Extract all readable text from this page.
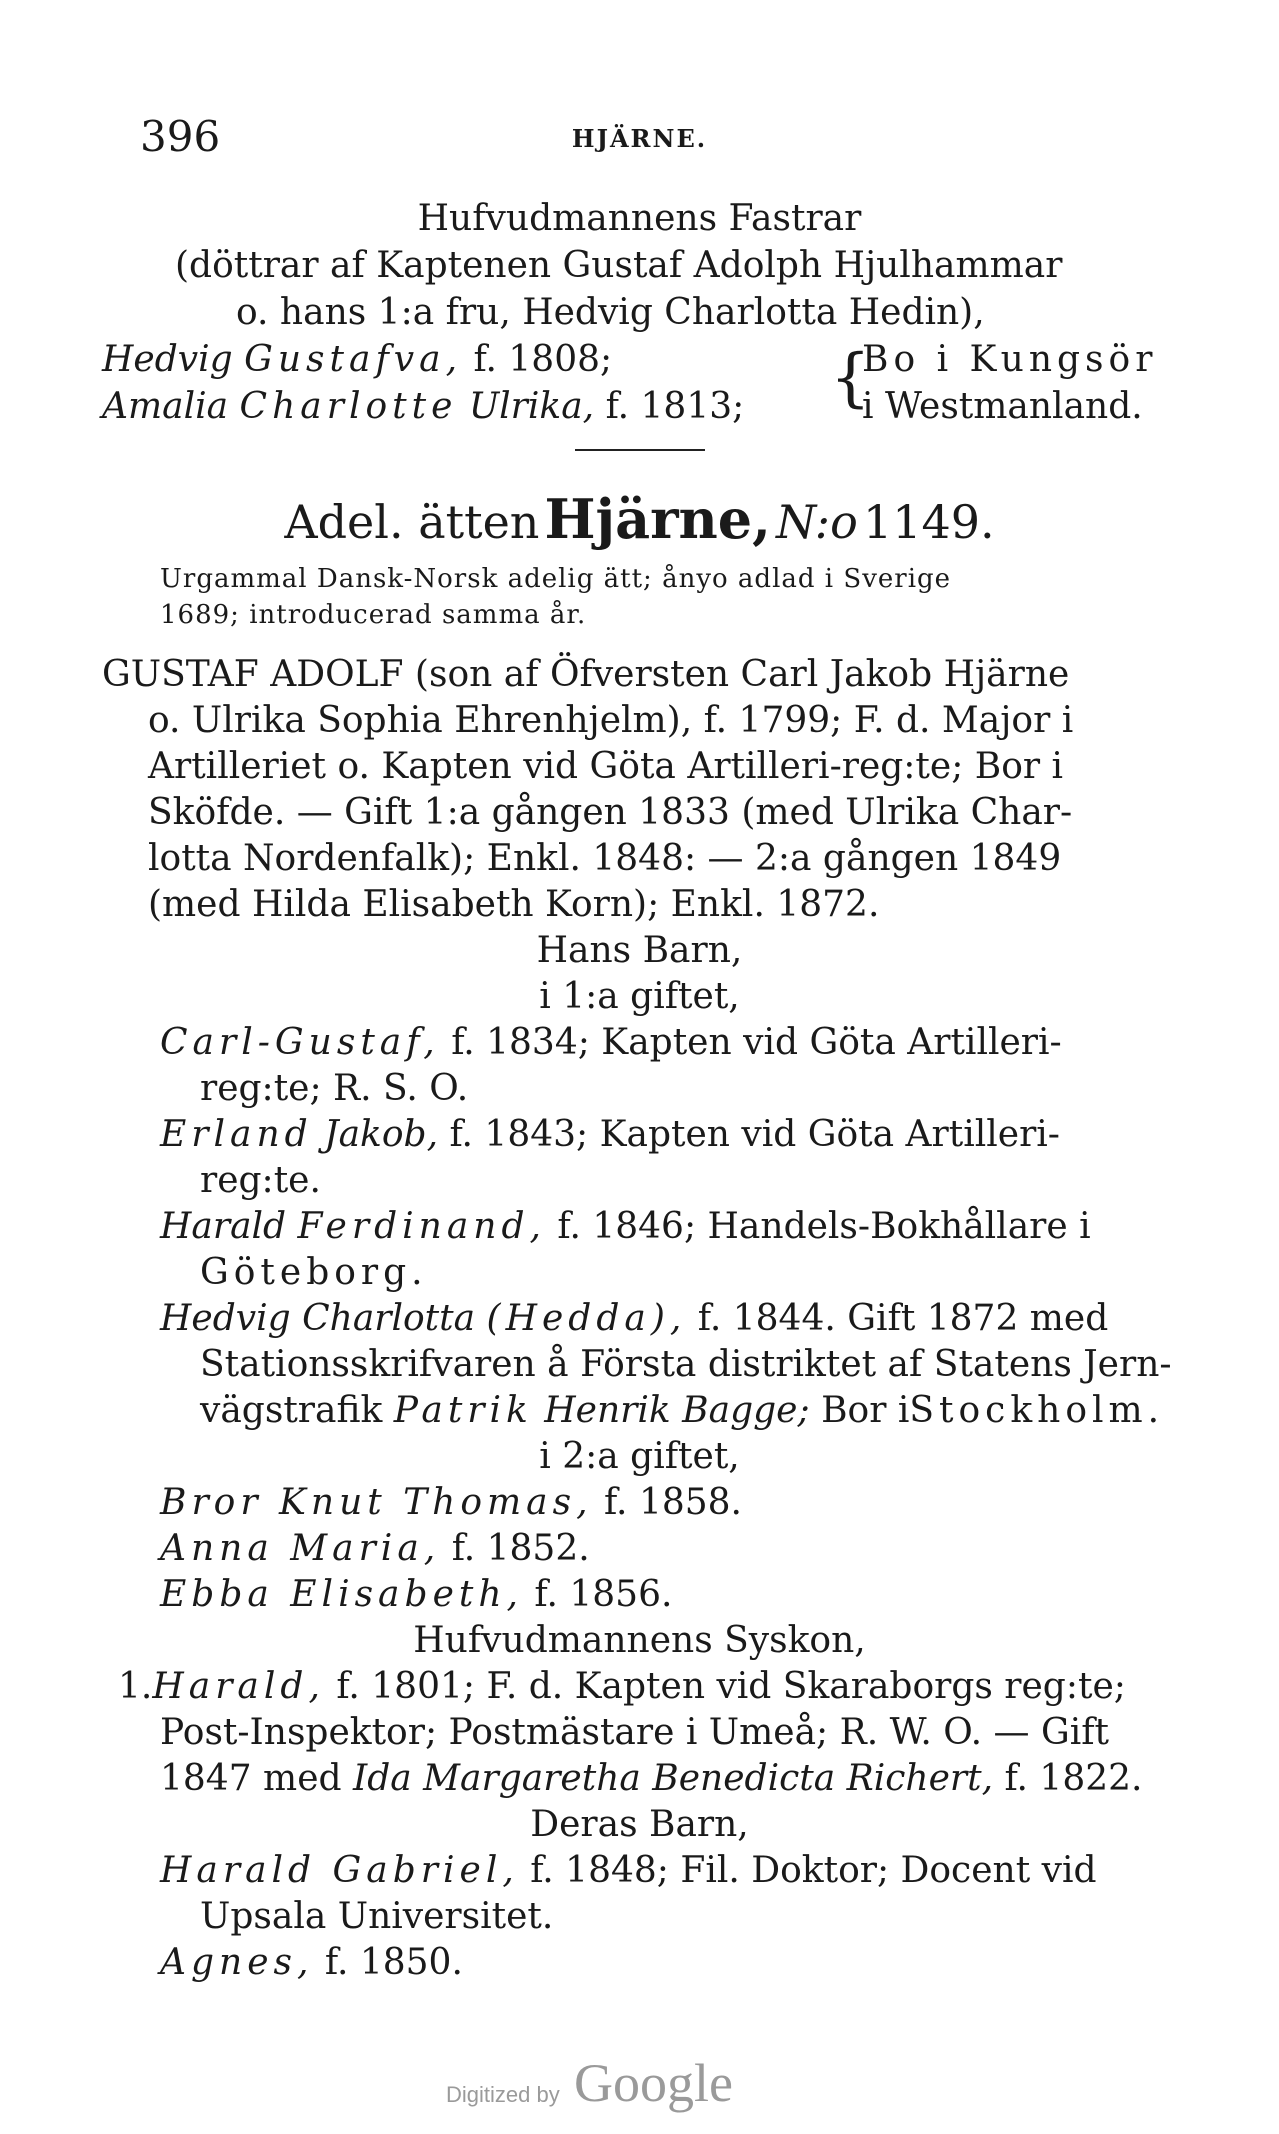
396	HJÄRNE.
Hufvudmannens Fastrar
(döttrar af Kaptenen Gustaf Adolph Hjulhammar
o. hans 1:a fru, Hedvig Charlotta Hedin),
Hedvig Gustafva, f. 1808;
Amalia Charlotte Ulrika, f. 1813; {
Bo i Kungsör
i Westmanland.
Adel. ätten Hjärne, N:o 1149.
Urgammal Dansk-Norsk adelig ätt; ånyo adlad i Sverige
1689; introducerad samma år.
GUSTAF ADOLF (son af Öfversten Carl Jakob Hjärne
o. Ulrika Sophia Ehrenhjelm), f. 1799; F. d. Major i
Artilleriet o. Kapten vid Göta Artilleri-reg:te; Bor i
Sköfde. — Gift 1:a gången 1833 (med Ulrika Char-
lotta Nordenfalk); Enkl. 1848: — 2:a gången 1849
(med Hilda Elisabeth Korn); Enkl. 1872.
Hans Barn,
i 1:a giftet,
Carl-Gustaf, f. 1834; Kapten vid Göta Artilleri-
reg:te; R. S. O.
Erland Jakob, f. 1843; Kapten vid Göta Artilleri-
reg:te.
Harald Ferdinand, f. 1846; Handels-Bokhållare i
Göteborg.
Hedvig Charlotta (Hedda), f. 1844. Gift 1872 med
Stationsskrifvaren å Första distriktet af Statens Jern-
vägstrafik Patrik Henrik Bagge; Bor iStockholm.
i 2:a giftet,
Bror Knut Thomas, f. 1858.
Anna Maria, f. 1852.
Ebba Elisabeth, f. 1856.
Hufvudmannens Syskon,
1.Harald, f. 1801; F. d. Kapten vid Skaraborgs reg:te;
Post-Inspektor; Postmästare i Umeå; R. W. O. — Gift
1847 med Ida Margaretha Benedicta Richert, f. 1822.
Deras Barn,
Harald Gabriel, f. 1848; Fil. Doktor; Docent vid
Upsala Universitet.
Agnes, f. 1850.
Digitized by Google
